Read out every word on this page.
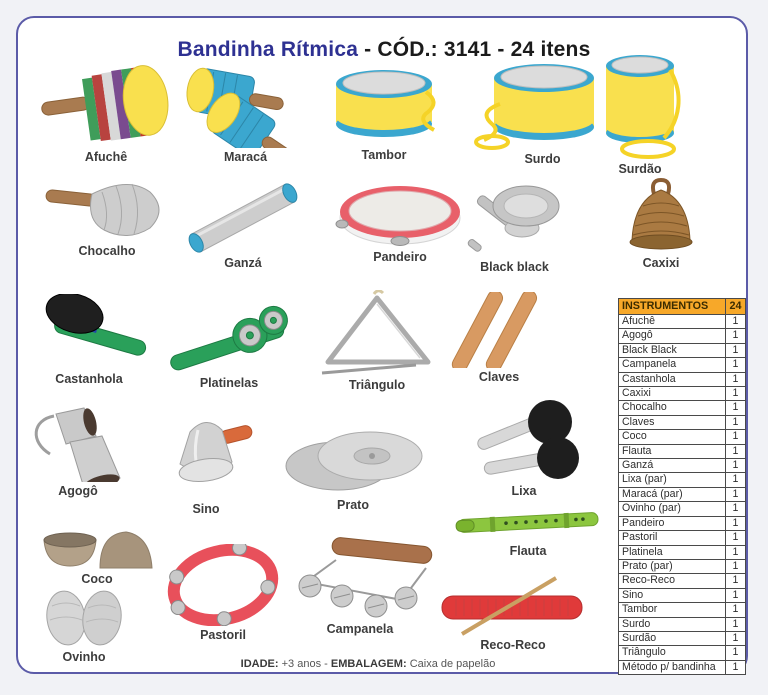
Bandinha Rítmica - CÓD.: 3141 - 24 itens
Afuchê	Maracá	Tambor	Surdo
Surdão
Chocalho
Ganzá	Pandeiro
Black black	Caxixi
Castanhola	Platinelas	Triângulo
Claves
Agogô
Sino	Prato
Lixa
Coco
Ovinho
Pastoril	Campanela
Flauta
Reco-Reco
IDADE: +3 anos - EMBALAGEM: Caixa de papelão
INSTRUMENTOS	24
Afuchê	1
Agogô	1
Black Black	1
Campanela	1
Castanhola	1
Caxixi	1
Chocalho	1
Claves	1
Coco	1
Flauta	1
Ganzá	1
Lixa (par)	1
Maracá (par)	1
Ovinho (par)	1
Pandeiro	1
Pastoril	1
Platinela	1
Prato (par)	1
Reco-Reco	1
Sino	1
Tambor	1
Surdo	1
Surdão	1
Triângulo	1
Método p/ bandinha	1
